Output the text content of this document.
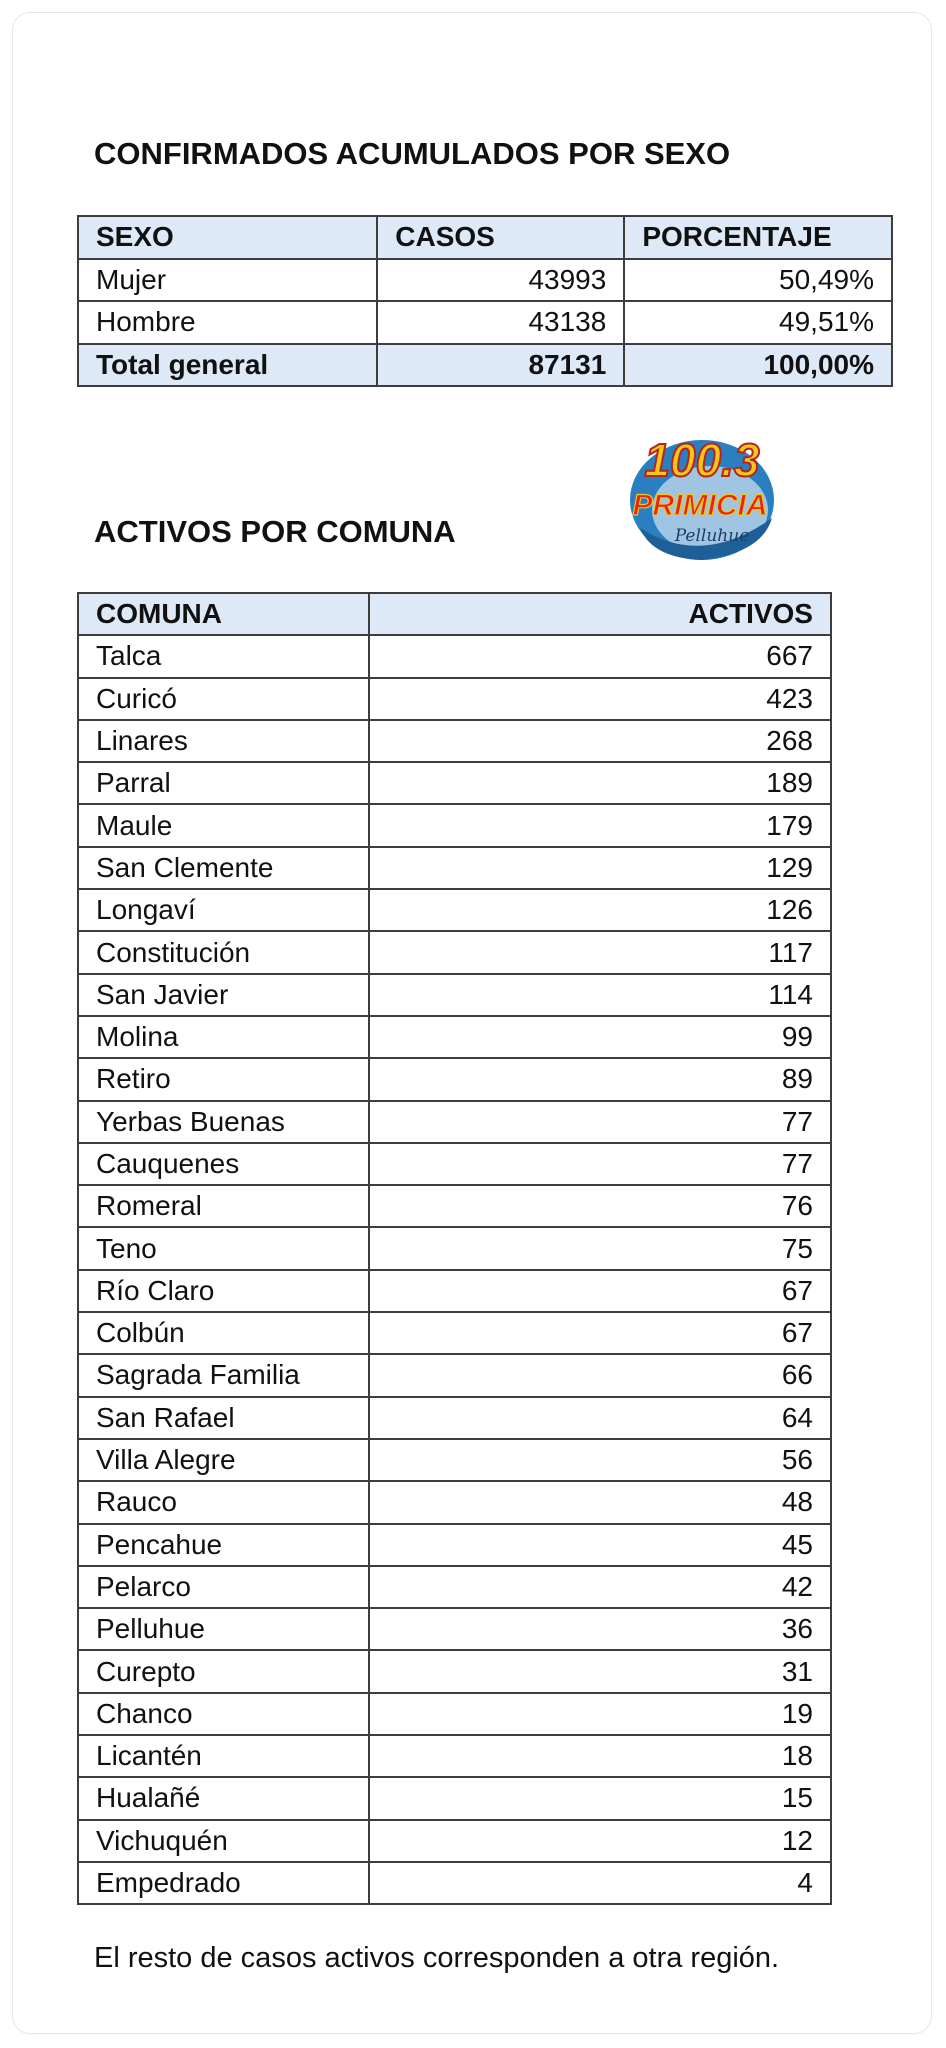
CONFIRMADOS ACUMULADOS POR SEXO
SEXO	CASOS	PORCENTAJE
Mujer	43993	50,49%
Hombre	43138	49,51%
Total general	87131	100,00%
100.3
PRIMICIA
Pelluhue
ACTIVOS POR COMUNA
COMUNA	ACTIVOS
Talca	667
Curicó	423
Linares	268
Parral	189
Maule	179
San Clemente	129
Longaví	126
Constitución	117
San Javier	114
Molina	99
Retiro	89
Yerbas Buenas	77
Cauquenes	77
Romeral	76
Teno	75
Río Claro	67
Colbún	67
Sagrada Familia	66
San Rafael	64
Villa Alegre	56
Rauco	48
Pencahue	45
Pelarco	42
Pelluhue	36
Curepto	31
Chanco	19
Licantén	18
Hualañé	15
Vichuquén	12
Empedrado	4
El resto de casos activos corresponden a otra región.
